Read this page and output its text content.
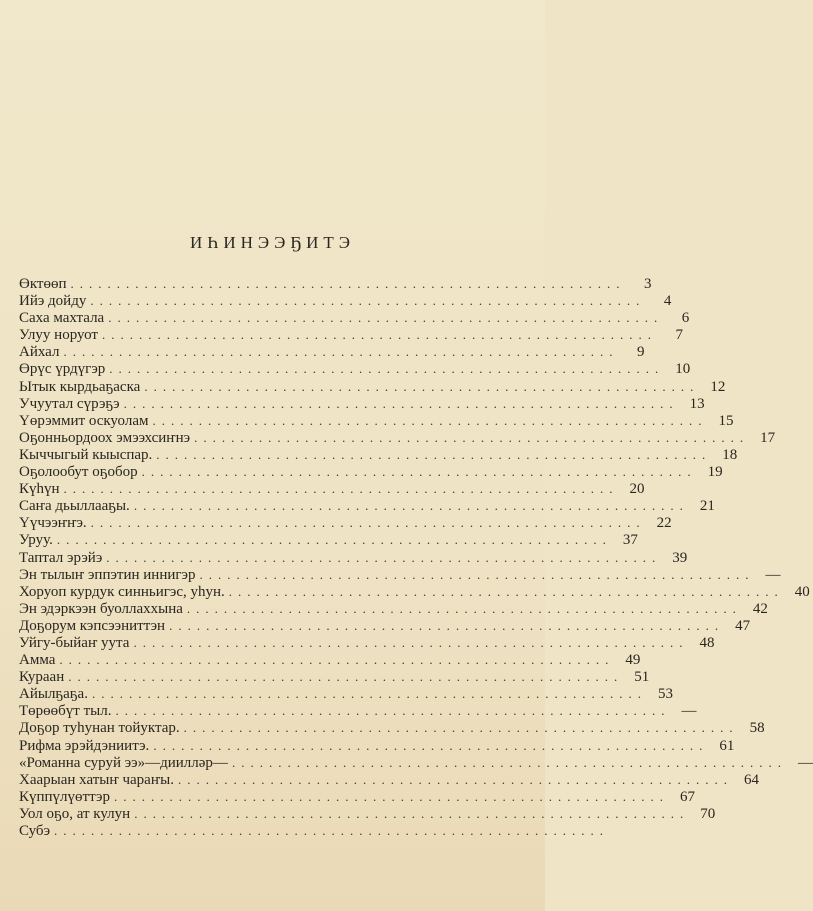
ИҺИНЭЭҔИТЭ
Өктөөп ............................................................	3
Ийэ дойду ............................................................	4
Саха махтала ............................................................	6
Улуу норуот ............................................................	7
Айхал ............................................................	9
Өрүс үрдүгэр ............................................................ 10
Ытык кырдьаҕаска ............................................................ 12
Учуутал сүрэҕэ ............................................................ 13
Үөрэммит оскуолам ............................................................ 15
Оҕонньордоох эмээхсиҥнэ ............................................................ 17
Кыччыгый кыыспар. ............................................................ 18
Оҕолообут оҕобор ............................................................ 19
Күһүн ............................................................ 20
Саҥа дьыллааҕы. ............................................................ 21
Үүчээҥҥэ. ............................................................ 22
Уруу. ............................................................ 37
Таптал эрэйэ ............................................................ 39
Эн тылыҥ эппэтин иннигэр ............................................................ —
Хоруоп курдук синньигэс, уһун. ............................................................ 40
Эн эдэркээн буоллаххына ............................................................ 42
Доҕорум кэпсээниттэн ............................................................ 47
Уйгу-быйаҥ уута ............................................................ 48
Амма ............................................................ 49
Кураан ............................................................ 51
Айылҕаҕа. ............................................................ 53
Төрөөбүт тыл. ............................................................ —
Доҕор туһунан тойуктар. ............................................................ 58
Рифма эрэйдэниитэ. ............................................................ 61
«Романна суруй ээ»—диилләр— ............................................................ —
Хаарыан хатыҥ чараҥы. ............................................................ 64
Күппүлүөттэр ............................................................ 67
Уол оҕо, ат кулун ............................................................ 70
Субэ ............................................................
